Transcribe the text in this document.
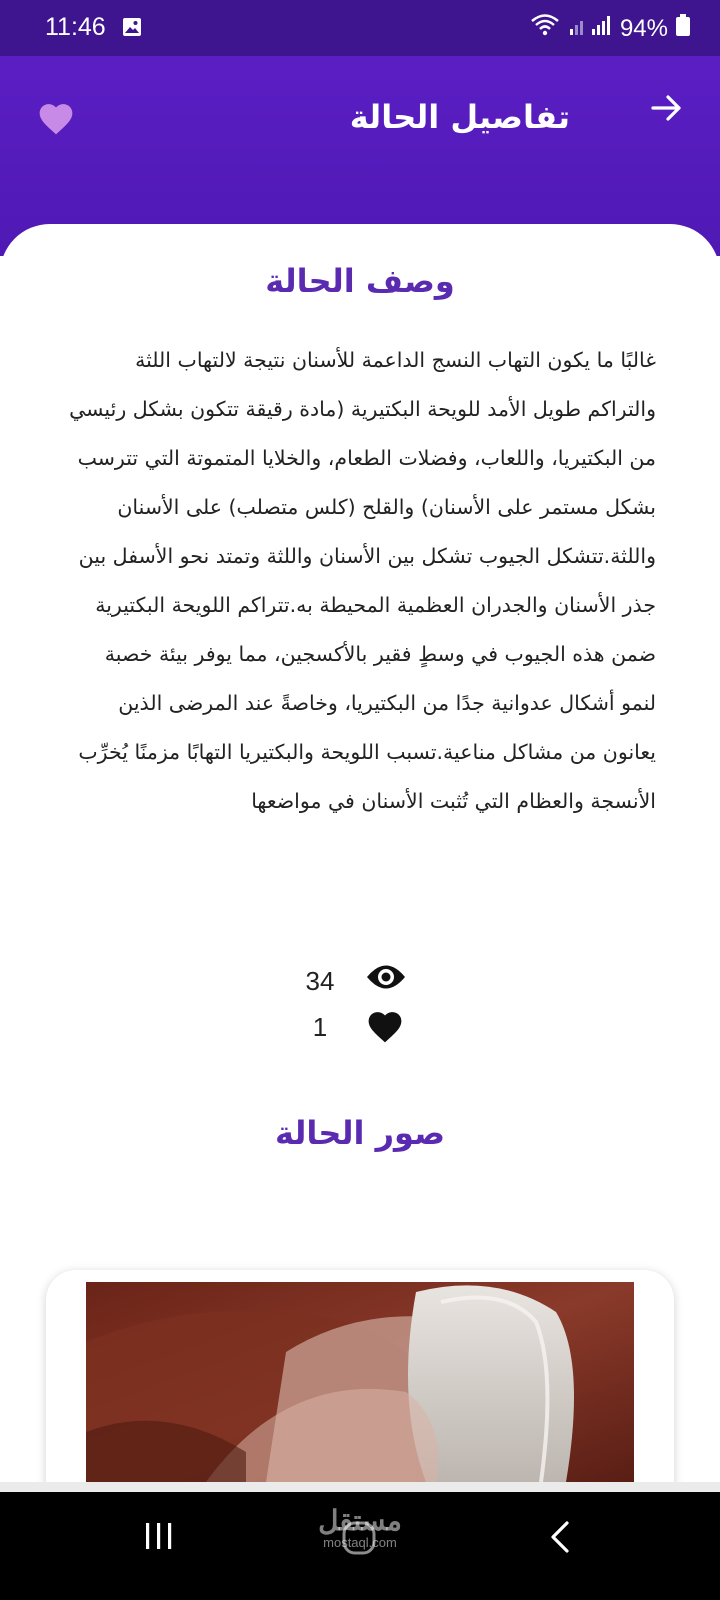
11:46	94%
تفاصيل الحالة
وصف الحالة
غالبًا ما يكون التهاب النسج الداعمة للأسنان نتيجة لالتهاب اللثة والتراكم طويل الأمد للويحة البكتيرية (مادة رقيقة تتكون بشكل رئيسي من البكتيريا، واللعاب، وفضلات الطعام، والخلايا المتموتة التي تترسب بشكل مستمر على الأسنان) والقلح (كلس متصلب) على الأسنان واللثة.تتشكل الجيوب تشكل بين الأسنان واللثة وتمتد نحو الأسفل بين جذر الأسنان والجدران العظمية المحيطة به.تتراكم اللويحة البكتيرية ضمن هذه الجيوب في وسطٍ فقير بالأكسجين، مما يوفر بيئة خصبة لنمو أشكال عدوانية جدًا من البكتيريا، وخاصةً عند المرضى الذين يعانون من مشاكل مناعية.تسبب اللويحة والبكتيريا التهابًا مزمنًا يُخرِّب الأنسجة والعظام التي تُثبت الأسنان في مواضعها
34
1
صور الحالة
مستقل
mostaql.com
